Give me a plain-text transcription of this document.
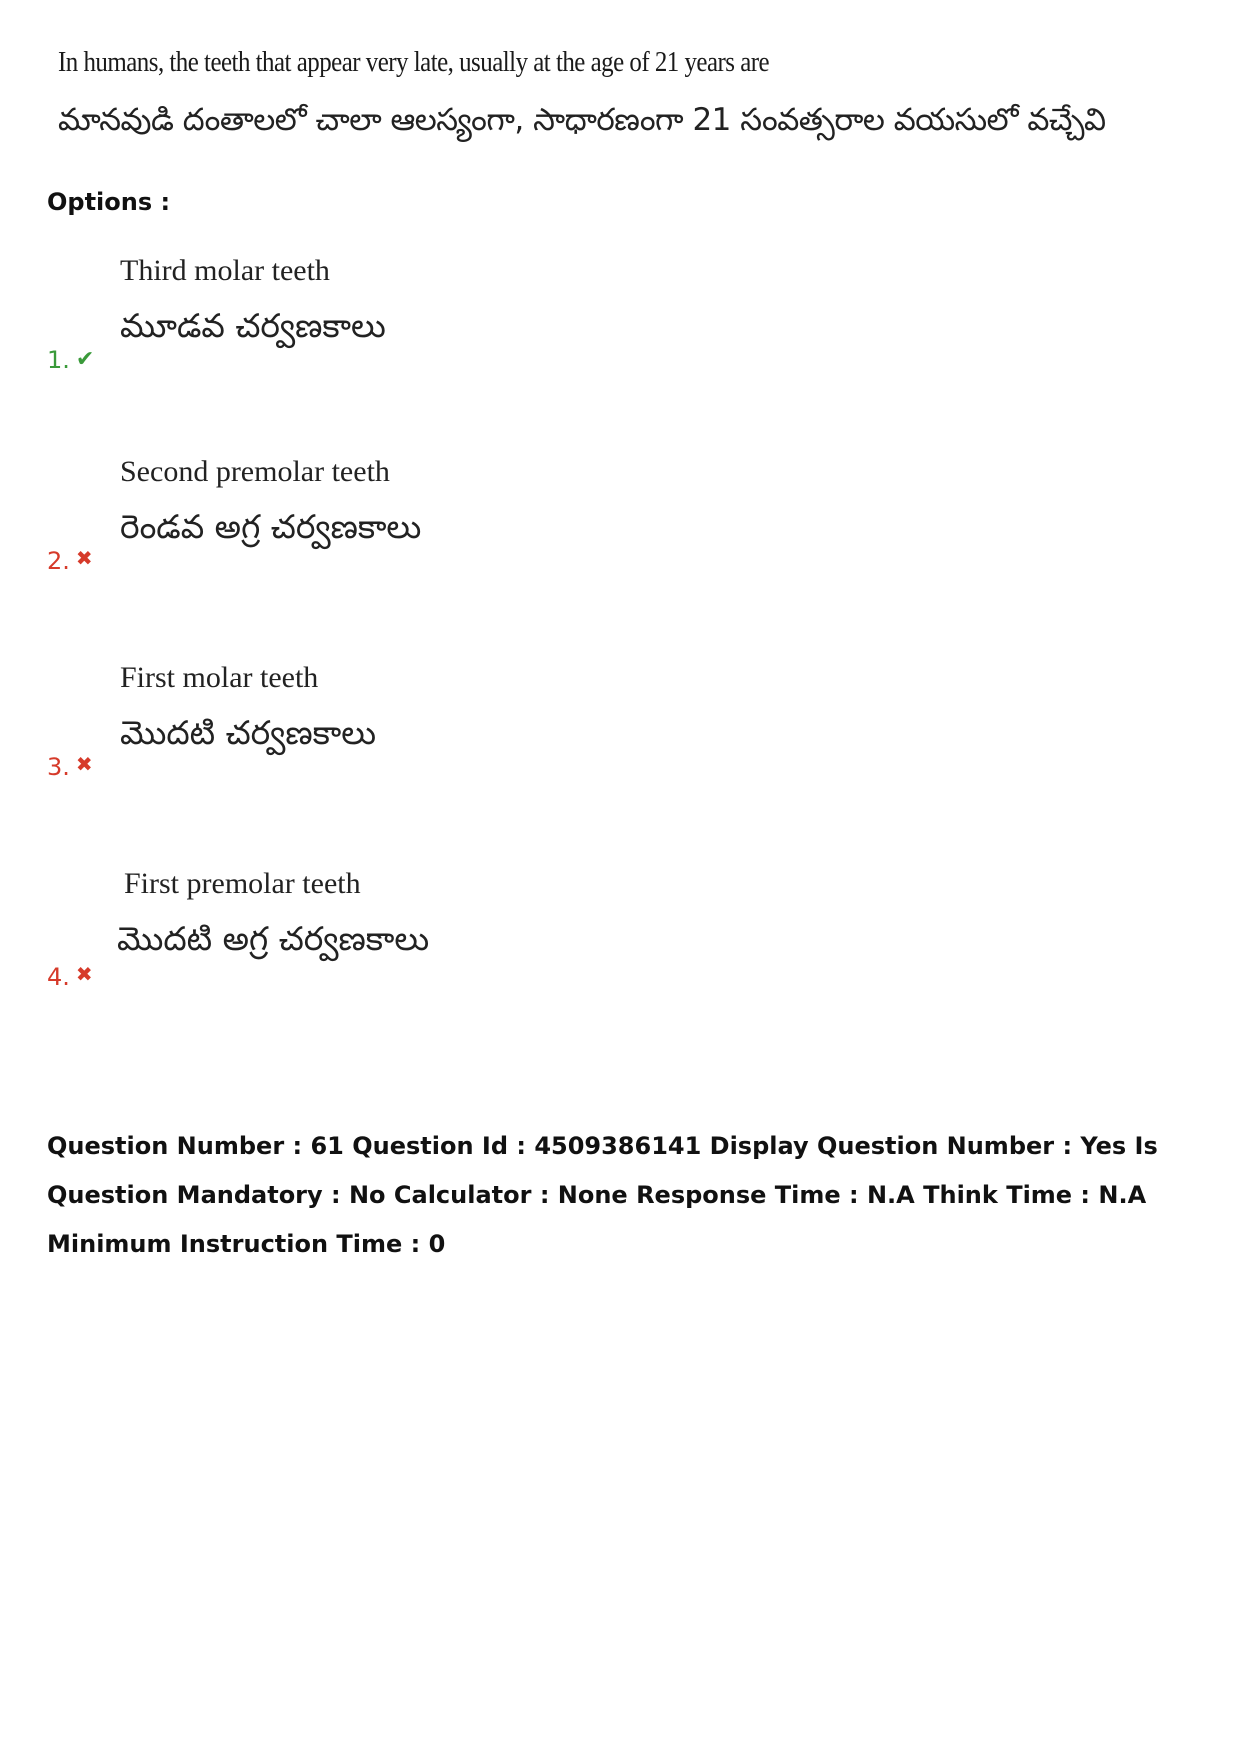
In humans, the teeth that appear very late, usually at the age of 21 years are
మానవుడి దంతాలలో చాలా ఆలస్యంగా, సాధారణంగా 21 సంవత్సరాల వయసులో వచ్చేవి
Options :
Third molar teeth
మూడవ చర్వణకాలు
1. ✔
Second premolar teeth
రెండవ అగ్ర చర్వణకాలు
2. ✖
First molar teeth
మొదటి చర్వణకాలు
3. ✖
First premolar teeth
మొదటి అగ్ర చర్వణకాలు
4. ✖
Question Number : 61 Question Id : 4509386141 Display Question Number : Yes Is Question Mandatory : No Calculator : None Response Time : N.A Think Time : N.A Minimum Instruction Time : 0
